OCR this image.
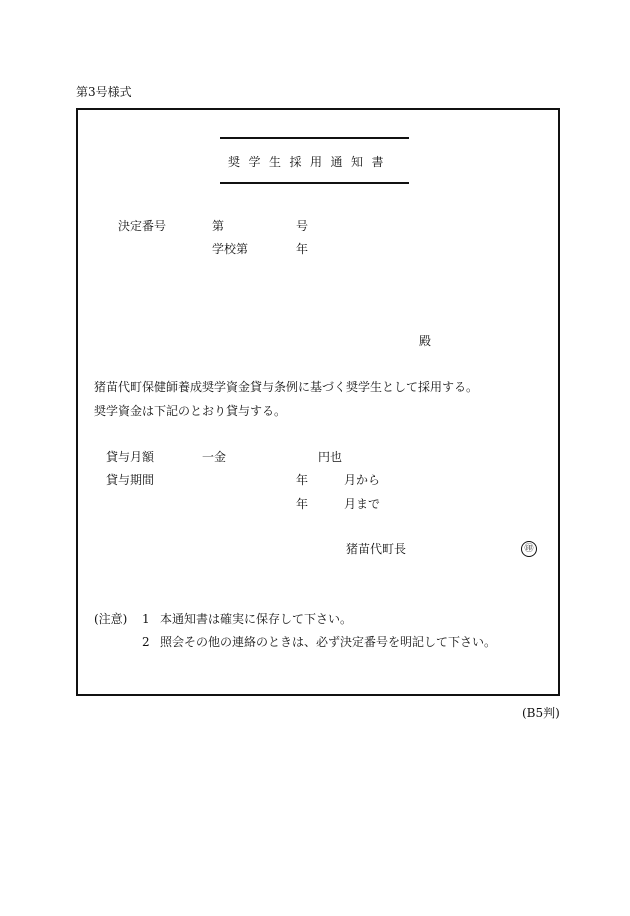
第3号様式
奨学生採用通知書
決定番号	第	号
学校第	年
殿
猪苗代町保健師養成奨学資金貸与条例に基づく奨学生として採用する。
奨学資金は下記のとおり貸与する。
貸与月額	一金	円也
貸与期間	年	月から
年	月まで
猪苗代町長	㊞
(注意) 1 本通知書は確実に保存して下さい。
2 照会その他の連絡のときは、必ず決定番号を明記して下さい。
(B5判)
